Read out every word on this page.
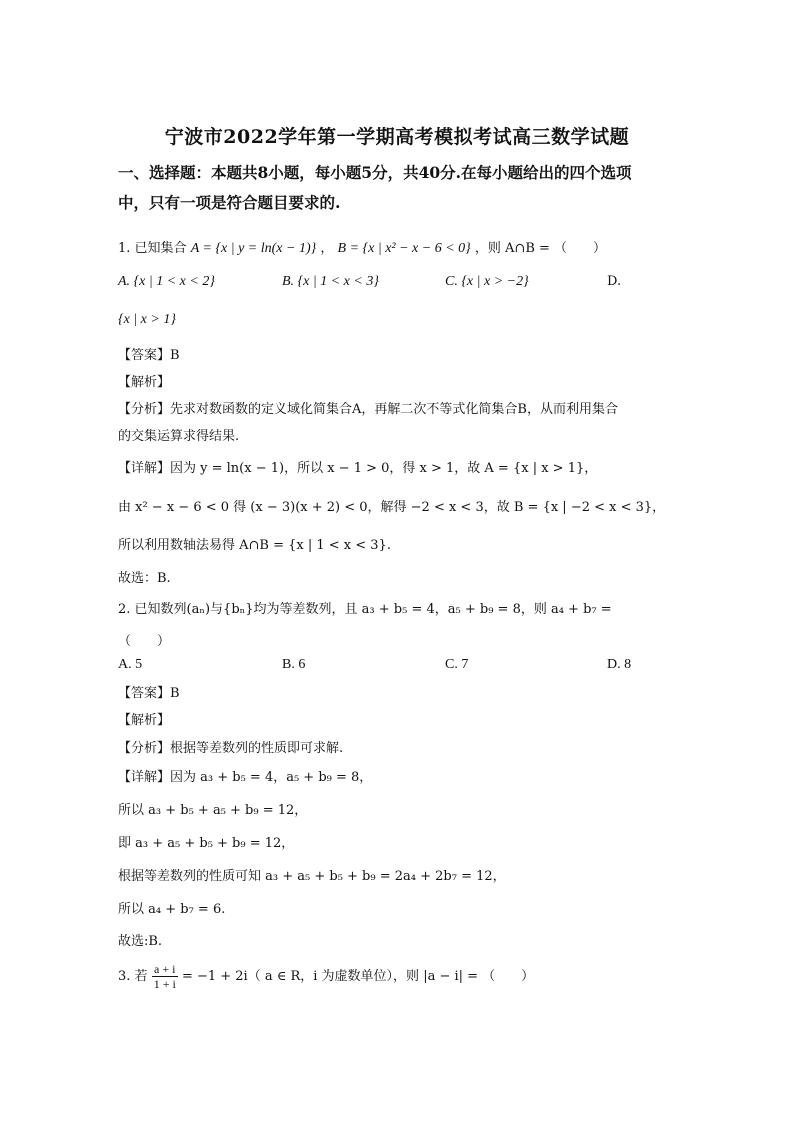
宁波市2022学年第一学期高考模拟考试高三数学试题
一、选择题：本题共8小题，每小题5分，共40分.在每小题给出的四个选项
中，只有一项是符合题目要求的.
1. 已知集合 A = {x | y = ln(x − 1)} ， B = {x | x² − x − 6 < 0} ，则 A∩B = （　　）
A. {x | 1 < x < 2}	B. {x | 1 < x < 3}	C. {x | x > −2}	D.
{x | x > 1}
【答案】B
【解析】
【分析】先求对数函数的定义域化简集合A，再解二次不等式化简集合B，从而利用集合
的交集运算求得结果.
【详解】因为 y = ln(x − 1)，所以 x − 1 > 0，得 x > 1，故 A = {x | x > 1}，
由 x² − x − 6 < 0 得 (x − 3)(x + 2) < 0，解得 −2 < x < 3，故 B = {x | −2 < x < 3}，
所以利用数轴法易得 A∩B = {x | 1 < x < 3}.
故选：B.
2. 已知数列(aₙ)与{bₙ}均为等差数列，且 a₃ + b₅ = 4，a₅ + b₉ = 8，则 a₄ + b₇ =
（　　）
A. 5	B. 6	C. 7	D. 8
【答案】B
【解析】
【分析】根据等差数列的性质即可求解.
【详解】因为 a₃ + b₅ = 4，a₅ + b₉ = 8，
所以 a₃ + b₅ + a₅ + b₉ = 12，
即 a₃ + a₅ + b₅ + b₉ = 12，
根据等差数列的性质可知 a₃ + a₅ + b₅ + b₉ = 2a₄ + 2b₇ = 12，
所以 a₄ + b₇ = 6.
故选:B.
3. 若 $\frac{a + i}{1 + i} = -1 + 2i$（ a ∈ R，i 为虚数单位），则 |a − i| = （　　）
